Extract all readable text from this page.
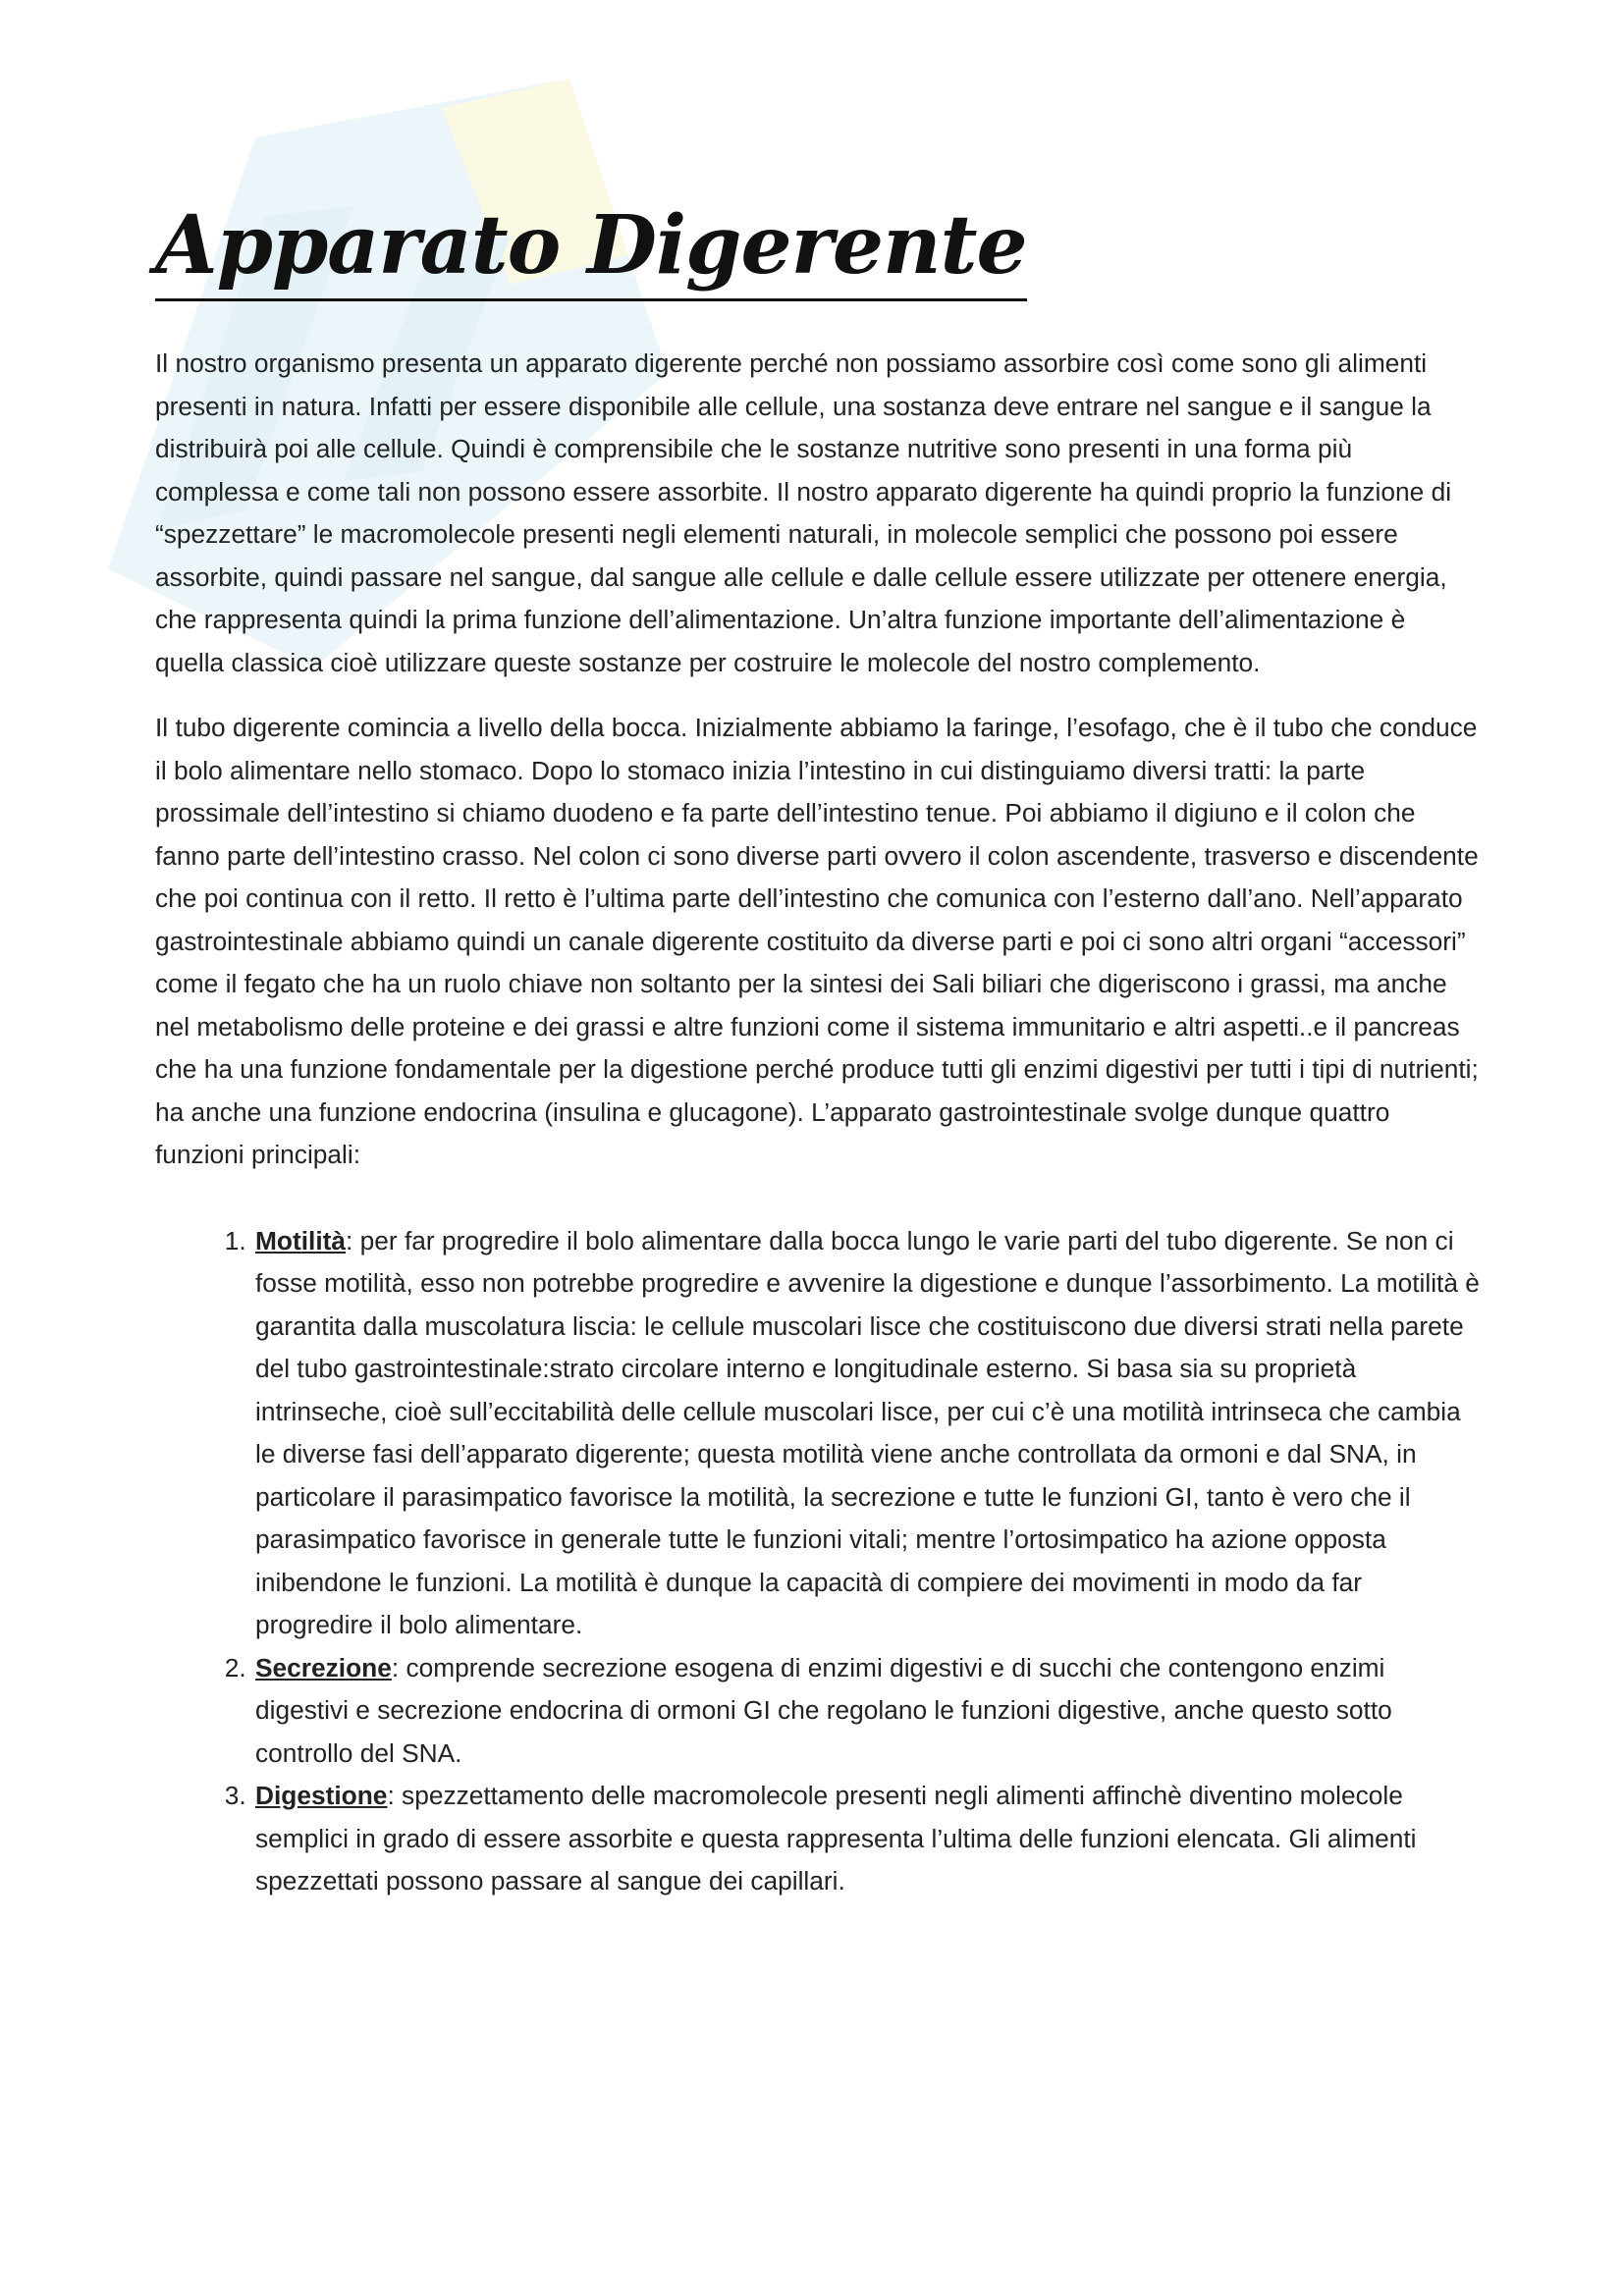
Apparato Digerente

Il nostro organismo presenta un apparato digerente perché non possiamo assorbire così come sono gli alimenti presenti in natura. Infatti per essere disponibile alle cellule, una sostanza deve entrare nel sangue e il sangue la distribuirà poi alle cellule. Quindi è comprensibile che le sostanze nutritive sono presenti in una forma più complessa e come tali non possono essere assorbite. Il nostro apparato digerente ha quindi proprio la funzione di “spezzettare” le macromolecole presenti negli elementi naturali, in molecole semplici che possono poi essere assorbite, quindi passare nel sangue, dal sangue alle cellule e dalle cellule essere utilizzate per ottenere energia, che rappresenta quindi la prima funzione dell’alimentazione. Un’altra funzione importante dell’alimentazione è quella classica cioè utilizzare queste sostanze per costruire le molecole del nostro complemento.

Il tubo digerente comincia a livello della bocca. Inizialmente abbiamo la faringe, l’esofago, che è il tubo che conduce il bolo alimentare nello stomaco. Dopo lo stomaco inizia l’intestino in cui distinguiamo diversi tratti: la parte prossimale dell’intestino si chiamo duodeno e fa parte dell’intestino tenue. Poi abbiamo il digiuno e il colon che fanno parte dell’intestino crasso. Nel colon ci sono diverse parti ovvero il colon ascendente, trasverso e discendente che poi continua con il retto. Il retto è l’ultima parte dell’intestino che comunica con l’esterno dall’ano. Nell’apparato gastrointestinale abbiamo quindi un canale digerente costituito da diverse parti e poi ci sono altri organi “accessori” come il fegato che ha un ruolo chiave non soltanto per la sintesi dei Sali biliari che digeriscono i grassi, ma anche nel metabolismo delle proteine e dei grassi e altre funzioni come il sistema immunitario e altri aspetti..e il pancreas che ha una funzione fondamentale per la digestione perché produce tutti gli enzimi digestivi per tutti i tipi di nutrienti; ha anche una funzione endocrina (insulina e glucagone). L’apparato gastrointestinale svolge dunque quattro funzioni principali:

1. Motilità: per far progredire il bolo alimentare dalla bocca lungo le varie parti del tubo digerente. Se non ci fosse motilità, esso non potrebbe progredire e avvenire la digestione e dunque l’assorbimento. La motilità è garantita dalla muscolatura liscia: le cellule muscolari lisce che costituiscono due diversi strati nella parete del tubo gastrointestinale:strato circolare interno e longitudinale esterno. Si basa sia su proprietà intrinseche, cioè sull’eccitabilità delle cellule muscolari lisce, per cui c’è una motilità intrinseca che cambia le diverse fasi dell’apparato digerente; questa motilità viene anche controllata da ormoni e dal SNA, in particolare il parasimpatico favorisce la motilità, la secrezione e tutte le funzioni GI, tanto è vero che il parasimpatico favorisce in generale tutte le funzioni vitali; mentre l’ortosimpatico ha azione opposta inibendone le funzioni. La motilità è dunque la capacità di compiere dei movimenti in modo da far progredire il bolo alimentare.
2. Secrezione: comprende secrezione esogena di enzimi digestivi e di succhi che contengono enzimi digestivi e secrezione endocrina di ormoni GI che regolano le funzioni digestive, anche questo sotto controllo del SNA.
3. Digestione: spezzettamento delle macromolecole presenti negli alimenti affinchè diventino molecole semplici in grado di essere assorbite e questa rappresenta l’ultima delle funzioni elencata. Gli alimenti spezzettati possono passare al sangue dei capillari.
